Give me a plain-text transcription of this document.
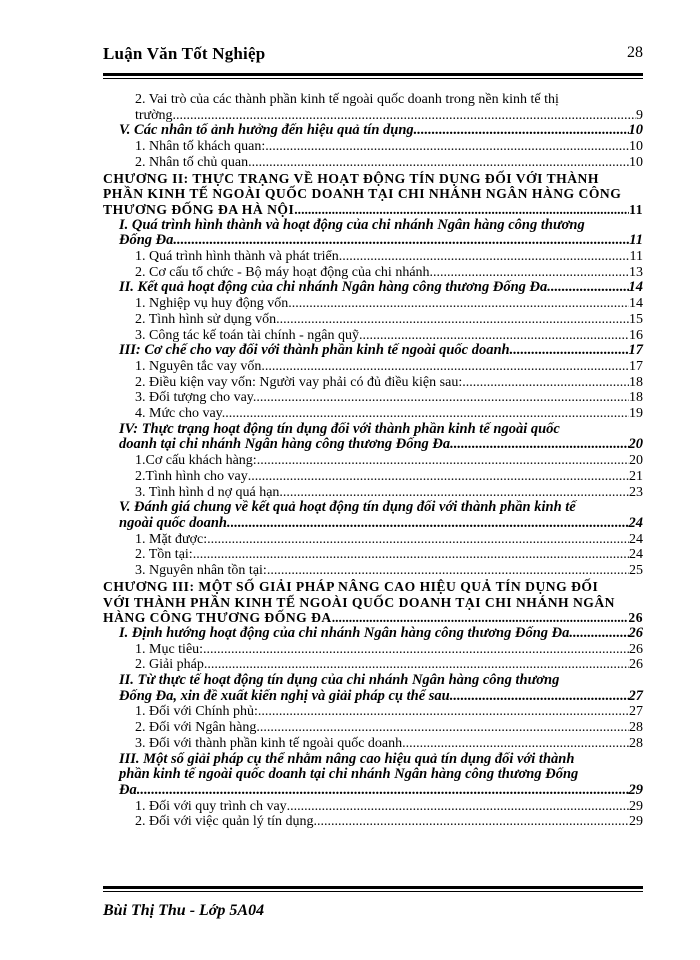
Luận Văn Tốt Nghiệp	28
2. Vai trò của các thành phần kinh tế ngoài quốc doanh trong nền kinh tế thị
trường. .....	9
V. Các nhân tố ảnh hưởng đến hiệu quả tín dụng. .....	10
1. Nhân tố khách quan: .....	10
2. Nhân tố chủ quan. .....	10
CHƯƠNG II: THỰC TRẠNG VỀ HOẠT ĐỘNG TÍN DỤNG ĐỐI VỚI THÀNH
PHẦN KINH TẾ NGOÀI QUỐC DOANH TẠI CHI NHÁNH NGÂN HÀNG CÔNG
THƯƠNG ĐỐNG ĐA HÀ NỘI .....	11
I. Quá trình hình thành và hoạt động của chi nhánh Ngân hàng công thương
Đống Đa. .....	11
1. Quá trình hình thành và phát triển. .....	11
2. Cơ cấu tổ chức - Bộ máy hoạt động của chi nhánh .....	13
II. Kết quả hoạt động của chi nhánh Ngân hàng công thương Đống Đa .....	14
1. Nghiệp vụ huy động vốn. .....	14
2. Tình hình sử dụng vốn. .....	15
3. Công tác kế toán tài chính - ngân quỹ .....	16
III: Cơ chế cho vay đối với thành phần kinh tế ngoài quốc doanh. .....	17
1. Nguyên tắc vay vốn. .....	17
2. Điều kiện vay vốn: Người vay phải có đủ điều kiện sau: .....	18
3. Đối tượng cho vay. .....	18
4. Mức cho vay. .....	19
IV: Thực trạng hoạt động tín dụng đối với thành phần kinh tế ngoài quốc
doanh tại chi nhánh Ngân hàng công thương Đống Đa .....	20
1.Cơ cấu khách hàng: .....	20
2.Tình hình cho vay .....	21
3. Tình hình d nợ quá hạn .....	23
V. Đánh giá chung về kết quả hoạt động tín dụng đối với thành phần kinh tế
ngoài quốc doanh. .....	24
1. Mặt được: .....	24
2. Tồn tại: .....	24
3. Nguyên nhân tồn tại: .....	25
CHƯƠNG III: MỘT SỐ GIẢI PHÁP NÂNG CAO HIỆU QUẢ TÍN DỤNG ĐỐI
VỚI THÀNH PHẦN KINH TẾ NGOÀI QUỐC DOANH TẠI CHI NHÁNH NGÂN
HÀNG CÔNG THƯƠNG ĐỐNG ĐA .....	26
I. Định hướng hoạt động của chi nhánh Ngân hàng công thương Đống Đa .....	26
1. Mục tiêu: .....	26
2. Giải pháp .....	26
II. Từ thực tế hoạt động tín dụng của chi nhánh Ngân hàng công thương
Đống Đa, xin đề xuất kiến nghị và giải pháp cụ thể sau. .....	27
1. Đối với Chính phủ: .....	27
2. Đối với Ngân hàng. .....	28
3. Đối với thành phần kinh tế ngoài quốc doanh .....	28
III. Một số giải pháp cụ thể nhằm nâng cao hiệu quả tín dụng đối với thành
phần kinh tế ngoài quốc doanh tại chi nhánh Ngân hàng công thương Đống
Đa .....	29
1. Đối với quy trình ch vay .....	29
2. Đối với việc quản lý tín dụng. .....	29
Bùi Thị Thu - Lớp 5A04
